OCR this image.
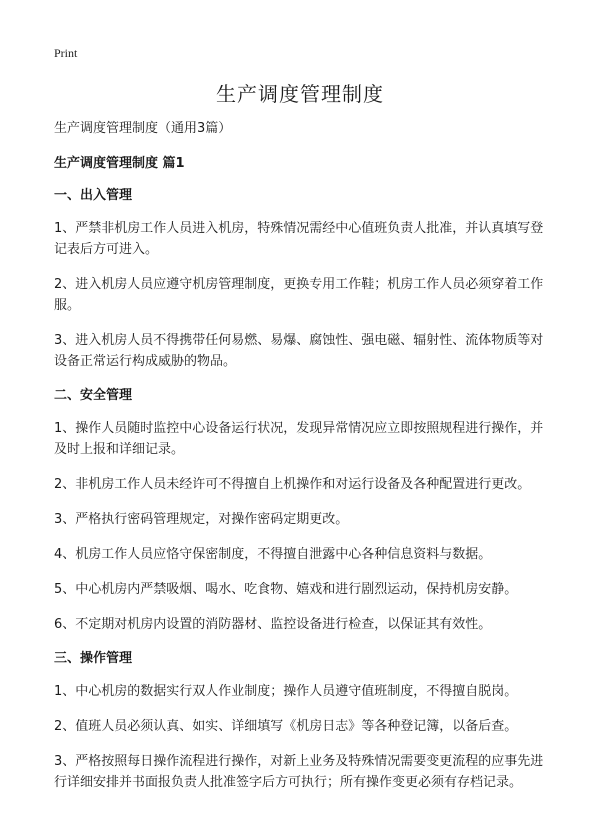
Print
生产调度管理制度

生产调度管理制度（通用3篇）

生产调度管理制度 篇1

一、出入管理

1、严禁非机房工作人员进入机房，特殊情况需经中心值班负责人批准，并认真填写登记表后方可进入。

2、进入机房人员应遵守机房管理制度，更换专用工作鞋；机房工作人员必须穿着工作服。

3、进入机房人员不得携带任何易燃、易爆、腐蚀性、强电磁、辐射性、流体物质等对设备正常运行构成威胁的物品。

二、安全管理

1、操作人员随时监控中心设备运行状况，发现异常情况应立即按照规程进行操作，并及时上报和详细记录。

2、非机房工作人员未经许可不得擅自上机操作和对运行设备及各种配置进行更改。

3、严格执行密码管理规定，对操作密码定期更改。

4、机房工作人员应恪守保密制度，不得擅自泄露中心各种信息资料与数据。

5、中心机房内严禁吸烟、喝水、吃食物、嬉戏和进行剧烈运动，保持机房安静。

6、不定期对机房内设置的消防器材、监控设备进行检查，以保证其有效性。

三、操作管理

1、中心机房的数据实行双人作业制度；操作人员遵守值班制度，不得擅自脱岗。

2、值班人员必须认真、如实、详细填写《机房日志》等各种登记簿，以备后查。

3、严格按照每日操作流程进行操作，对新上业务及特殊情况需要变更流程的应事先进行详细安排并书面报负责人批准签字后方可执行；所有操作变更必须有存档记录。
